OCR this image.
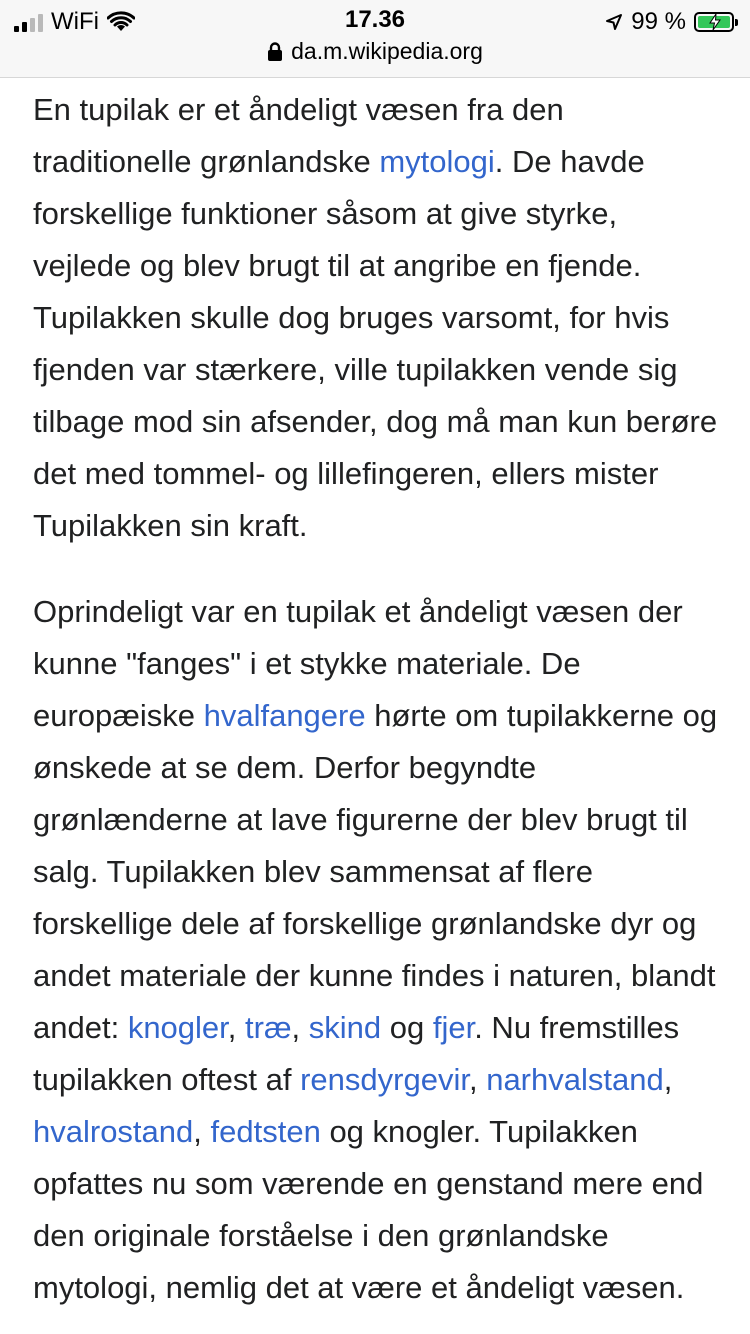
WiFi	17.36	99 %
da.m.wikipedia.org

En tupilak er et åndeligt væsen fra den traditionelle grønlandske mytologi. De havde forskellige funktioner såsom at give styrke, vejlede og blev brugt til at angribe en fjende. Tupilakken skulle dog bruges varsomt, for hvis fjenden var stærkere, ville tupilakken vende sig tilbage mod sin afsender, dog må man kun berøre det med tommel- og lillefingeren, ellers mister Tupilakken sin kraft.

Oprindeligt var en tupilak et åndeligt væsen der kunne "fanges" i et stykke materiale. De europæiske hvalfangere hørte om tupilakkerne og ønskede at se dem. Derfor begyndte grønlænderne at lave figurerne der blev brugt til salg. Tupilakken blev sammensat af flere forskellige dele af forskellige grønlandske dyr og andet materiale der kunne findes i naturen, blandt andet: knogler, træ, skind og fjer. Nu fremstilles tupilakken oftest af rensdyrgevir, narhvalstand, hvalrostand, fedtsten og knogler. Tupilakken opfattes nu som værende en genstand mere end den originale forståelse i den grønlandske mytologi, nemlig det at være et åndeligt væsen.
